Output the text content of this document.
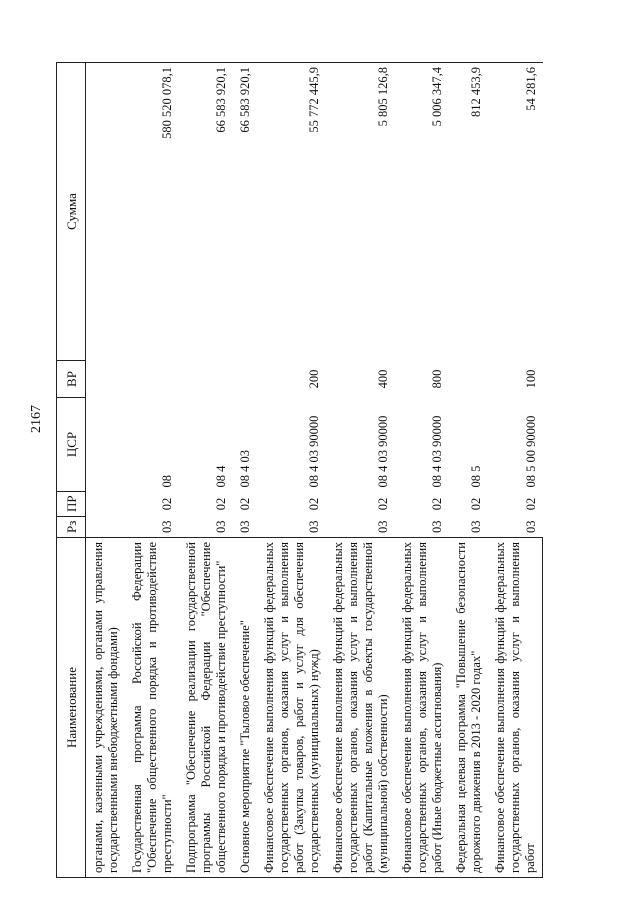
2167
Наименование	Рз	ПР	ЦСР	ВР	Сумма
органами, казенными учреждениями, органами управления государственными внебюджетными фондами)					
Государственная программа Российской Федерации "Обеспечение общественного порядка и противодействие преступности"	03	02	08		580 520 078,1
Подпрограмма "Обеспечение реализации государственной программы Российской Федерации "Обеспечение общественного порядка и противодействие преступности"	03	02	08 4		66 583 920,1
Основное мероприятие "Тыловое обеспечение"	03	02	08 4 03		66 583 920,1
Финансовое обеспечение выполнения функций федеральных государственных органов, оказания услуг и выполнения работ (Закупка товаров, работ и услуг для обеспечения государственных (муниципальных) нужд)	03	02	08 4 03 90000	200	55 772 445,9
Финансовое обеспечение выполнения функций федеральных государственных органов, оказания услуг и выполнения работ (Капитальные вложения в объекты государственной (муниципальной) собственности)	03	02	08 4 03 90000	400	5 805 126,8
Финансовое обеспечение выполнения функций федеральных государственных органов, оказания услуг и выполнения работ (Иные бюджетные ассигнования)	03	02	08 4 03 90000	800	5 006 347,4
Федеральная целевая программа "Повышение безопасности дорожного движения в 2013 - 2020 годах"	03	02	08 5		812 453,9
Финансовое обеспечение выполнения функций федеральных государственных органов, оказания услуг и выполнения работ	03	02	08 5 00 90000	100	54 281,6
